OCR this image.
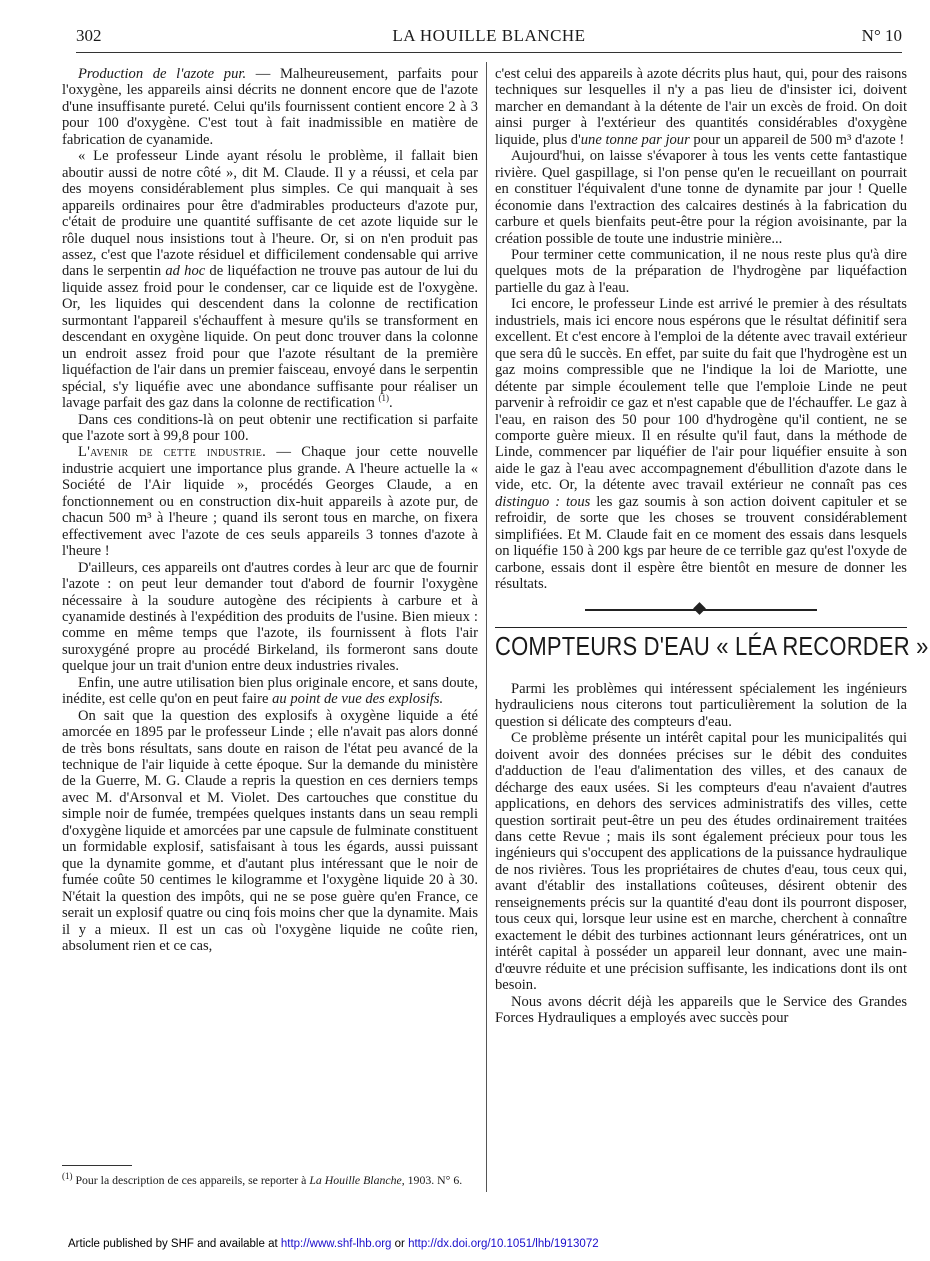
302	LA HOUILLE BLANCHE	N° 10

Production de l'azote pur. — Malheureusement, parfaits pour l'oxygène, les appareils ainsi décrits ne donnent encore que de l'azote d'une insuffisante pureté. Celui qu'ils fournissent contient encore 2 à 3 pour 100 d'oxygène. C'est tout à fait inadmissible en matière de fabrication de cyanamide.

« Le professeur Linde ayant résolu le problème, il fallait bien aboutir aussi de notre côté », dit M. Claude. Il y a réussi, et cela par des moyens considérablement plus simples. Ce qui manquait à ses appareils ordinaires pour être d'admirables producteurs d'azote pur, c'était de produire une quantité suffisante de cet azote liquide sur le rôle duquel nous insistions tout à l'heure. Or, si on n'en produit pas assez, c'est que l'azote résiduel et difficilement condensable qui arrive dans le serpentin ad hoc de liquéfaction ne trouve pas autour de lui du liquide assez froid pour le condenser, car ce liquide est de l'oxygène. Or, les liquides qui descendent dans la colonne de rectification surmontant l'appareil s'échauffent à mesure qu'ils se transforment en descendant en oxygène liquide. On peut donc trouver dans la colonne un endroit assez froid pour que l'azote résultant de la première liquéfaction de l'air dans un premier faisceau, envoyé dans le serpentin spécial, s'y liquéfie avec une abondance suffisante pour réaliser un lavage parfait des gaz dans la colonne de rectification $^{(1)}$.

Dans ces conditions-là on peut obtenir une rectification si parfaite que l'azote sort à 99,8 pour 100.

L'avenir de cette industrie. — Chaque jour cette nouvelle industrie acquiert une importance plus grande. A l'heure actuelle la « Société de l'Air liquide », procédés Georges Claude, a en fonctionnement ou en construction dix-huit appareils à azote pur, de chacun 500 m³ à l'heure ; quand ils seront tous en marche, on fixera effectivement avec l'azote de ces seuls appareils 3 tonnes d'azote à l'heure !

D'ailleurs, ces appareils ont d'autres cordes à leur arc que de fournir l'azote : on peut leur demander tout d'abord de fournir l'oxygène nécessaire à la soudure autogène des récipients à carbure et à cyanamide destinés à l'expédition des produits de l'usine. Bien mieux : comme en même temps que l'azote, ils fournissent à flots l'air suroxygéné propre au procédé Birkeland, ils formeront sans doute quelque jour un trait d'union entre deux industries rivales.

Enfin, une autre utilisation bien plus originale encore, et sans doute, inédite, est celle qu'on en peut faire au point de vue des explosifs.

On sait que la question des explosifs à oxygène liquide a été amorcée en 1895 par le professeur Linde ; elle n'avait pas alors donné de très bons résultats, sans doute en raison de l'état peu avancé de la technique de l'air liquide à cette époque. Sur la demande du ministère de la Guerre, M. G. Claude a repris la question en ces derniers temps avec M. d'Arsonval et M. Violet. Des cartouches que constitue du simple noir de fumée, trempées quelques instants dans un seau rempli d'oxygène liquide et amorcées par une capsule de fulminate constituent un formidable explosif, satisfaisant à tous les égards, aussi puissant que la dynamite gomme, et d'autant plus intéressant que le noir de fumée coûte 50 centimes le kilogramme et l'oxygène liquide 20 à 30. N'était la question des impôts, qui ne se pose guère qu'en France, ce serait un explosif quatre ou cinq fois moins cher que la dynamite. Mais il y a mieux. Il est un cas où l'oxygène liquide ne coûte rien, absolument rien et ce cas,

c'est celui des appareils à azote décrits plus haut, qui, pour des raisons techniques sur lesquelles il n'y a pas lieu de d'insister ici, doivent marcher en demandant à la détente de l'air un excès de froid. On doit ainsi purger à l'extérieur des quantités considérables d'oxygène liquide, plus d'une tonne par jour pour un appareil de 500 m³ d'azote !

Aujourd'hui, on laisse s'évaporer à tous les vents cette fantastique rivière. Quel gaspillage, si l'on pense qu'en le recueillant on pourrait en constituer l'équivalent d'une tonne de dynamite par jour ! Quelle économie dans l'extraction des calcaires destinés à la fabrication du carbure et quels bienfaits peut-être pour la région avoisinante, par la création possible de toute une industrie minière...

Pour terminer cette communication, il ne nous reste plus qu'à dire quelques mots de la préparation de l'hydrogène par liquéfaction partielle du gaz à l'eau.

Ici encore, le professeur Linde est arrivé le premier à des résultats industriels, mais ici encore nous espérons que le résultat définitif sera excellent. Et c'est encore à l'emploi de la détente avec travail extérieur que sera dû le succès. En effet, par suite du fait que l'hydrogène est un gaz moins compressible que ne l'indique la loi de Mariotte, une détente par simple écoulement telle que l'emploie Linde ne peut parvenir à refroidir ce gaz et n'est capable que de l'échauffer. Le gaz à l'eau, en raison des 50 pour 100 d'hydrogène qu'il contient, ne se comporte guère mieux. Il en résulte qu'il faut, dans la méthode de Linde, commencer par liquéfier de l'air pour liquéfier ensuite à son aide le gaz à l'eau avec accompagnement d'ébullition d'azote dans le vide, etc. Or, la détente avec travail extérieur ne connaît pas ces distinguo : tous les gaz soumis à son action doivent capituler et se refroidir, de sorte que les choses se trouvent considérablement simplifiées. Et M. Claude fait en ce moment des essais dans lesquels on liquéfie 150 à 200 kgs par heure de ce terrible gaz qu'est l'oxyde de carbone, essais dont il espère être bientôt en mesure de donner les résultats.

COMPTEURS D'EAU « LÉA RECORDER »

Parmi les problèmes qui intéressent spécialement les ingénieurs hydrauliciens nous citerons tout particulièrement la solution de la question si délicate des compteurs d'eau.

Ce problème présente un intérêt capital pour les municipalités qui doivent avoir des données précises sur le débit des conduites d'adduction de l'eau d'alimentation des villes, et des canaux de décharge des eaux usées. Si les compteurs d'eau n'avaient d'autres applications, en dehors des services administratifs des villes, cette question sortirait peut-être un peu des études ordinairement traitées dans cette Revue ; mais ils sont également précieux pour tous les ingénieurs qui s'occupent des applications de la puissance hydraulique de nos rivières. Tous les propriétaires de chutes d'eau, tous ceux qui, avant d'établir des installations coûteuses, désirent obtenir des renseignements précis sur la quantité d'eau dont ils pourront disposer, tous ceux qui, lorsque leur usine est en marche, cherchent à connaître exactement le débit des turbines actionnant leurs génératrices, ont un intérêt capital à posséder un appareil leur donnant, avec une main-d'œuvre réduite et une précision suffisante, les indications dont ils ont besoin.

Nous avons décrit déjà les appareils que le Service des Grandes Forces Hydrauliques a employés avec succès pour

$^{(1)}$ Pour la description de ces appareils, se reporter à La Houille Blanche, 1903. N° 6.

Article published by SHF and available at http://www.shf-lhb.org or http://dx.doi.org/10.1051/lhb/1913072
